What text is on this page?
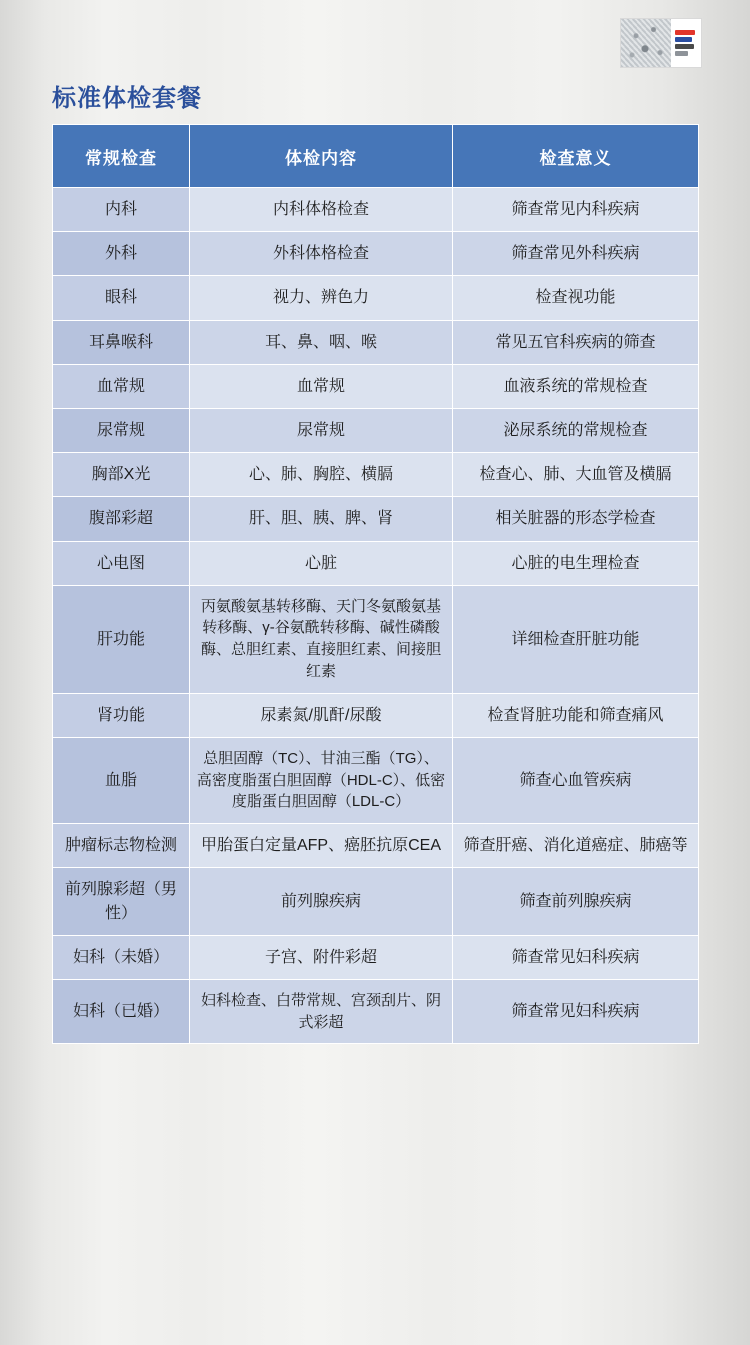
标准体检套餐
常规检查	体检内容	检查意义
内科	内科体格检查	筛查常见内科疾病
外科	外科体格检查	筛查常见外科疾病
眼科	视力、辨色力	检查视功能
耳鼻喉科	耳、鼻、咽、喉	常见五官科疾病的筛查
血常规	血常规	血液系统的常规检查
尿常规	尿常规	泌尿系统的常规检查
胸部X光	心、肺、胸腔、横膈	检查心、肺、大血管及横膈
腹部彩超	肝、胆、胰、脾、肾	相关脏器的形态学检查
心电图	心脏	心脏的电生理检查
肝功能	丙氨酸氨基转移酶、天门冬氨酸氨基转移酶、γ-谷氨酰转移酶、碱性磷酸酶、总胆红素、直接胆红素、间接胆红素	详细检查肝脏功能
肾功能	尿素氮/肌酐/尿酸	检查肾脏功能和筛查痛风
血脂	总胆固醇（TC）、甘油三酯（TG）、高密度脂蛋白胆固醇（HDL-C）、低密度脂蛋白胆固醇（LDL-C）	筛查心血管疾病
肿瘤标志物检测	甲胎蛋白定量AFP、癌胚抗原CEA	筛查肝癌、消化道癌症、肺癌等
前列腺彩超（男性）	前列腺疾病	筛查前列腺疾病
妇科（未婚）	子宫、附件彩超	筛查常见妇科疾病
妇科（已婚）	妇科检查、白带常规、宫颈刮片、阴式彩超	筛查常见妇科疾病
